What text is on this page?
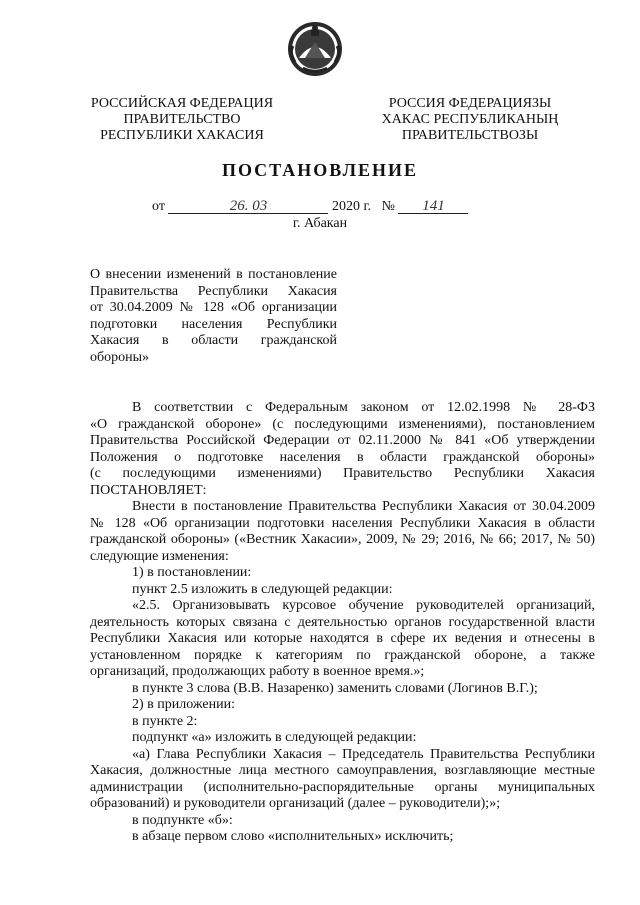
РОССИЙСКАЯ ФЕДЕРАЦИЯ
ПРАВИТЕЛЬСТВО
РЕСПУБЛИКИ ХАКАСИЯ
РОССИЯ ФЕДЕРАЦИЯЗЫ
ХАКАС РЕСПУБЛИКАНЫҢ
ПРАВИТЕЛЬСТВОЗЫ
ПОСТАНОВЛЕНИЕ
от	26. 03	2020 г. № 141
г. Абакан
О внесении изменений в постановление
Правительства Республики Хакасия
от 30.04.2009 № 128 «Об организации
подготовки населения Республики
Хакасия в области гражданской
обороны»
В соответствии с Федеральным законом от 12.02.1998 № 28-ФЗ
«О гражданской обороне» (с последующими изменениями), постановлением
Правительства Российской Федерации от 02.11.2000 № 841 «Об утверждении
Положения о подготовке населения в области гражданской обороны»
(с последующими изменениями) Правительство Республики Хакасия
ПОСТАНОВЛЯЕТ:
Внести в постановление Правительства Республики Хакасия от 30.04.2009
№ 128 «Об организации подготовки населения Республики Хакасия в области
гражданской обороны» («Вестник Хакасии», 2009, № 29; 2016, № 66; 2017, № 50)
следующие изменения:
1) в постановлении:
пункт 2.5 изложить в следующей редакции:
«2.5. Организовывать курсовое обучение руководителей организаций,
деятельность которых связана с деятельностью органов государственной власти
Республики Хакасия или которые находятся в сфере их ведения и отнесены в
установленном порядке к категориям по гражданской обороне, а также
организаций, продолжающих работу в военное время.»;
в пункте 3 слова (В.В. Назаренко) заменить словами (Логинов В.Г.);
2) в приложении:
в пункте 2:
подпункт «а» изложить в следующей редакции:
«а) Глава Республики Хакасия – Председатель Правительства Республики
Хакасия, должностные лица местного самоуправления, возглавляющие местные
администрации (исполнительно-распорядительные органы муниципальных
образований) и руководители организаций (далее – руководители);»;
в подпункте «б»:
в абзаце первом слово «исполнительных» исключить;
